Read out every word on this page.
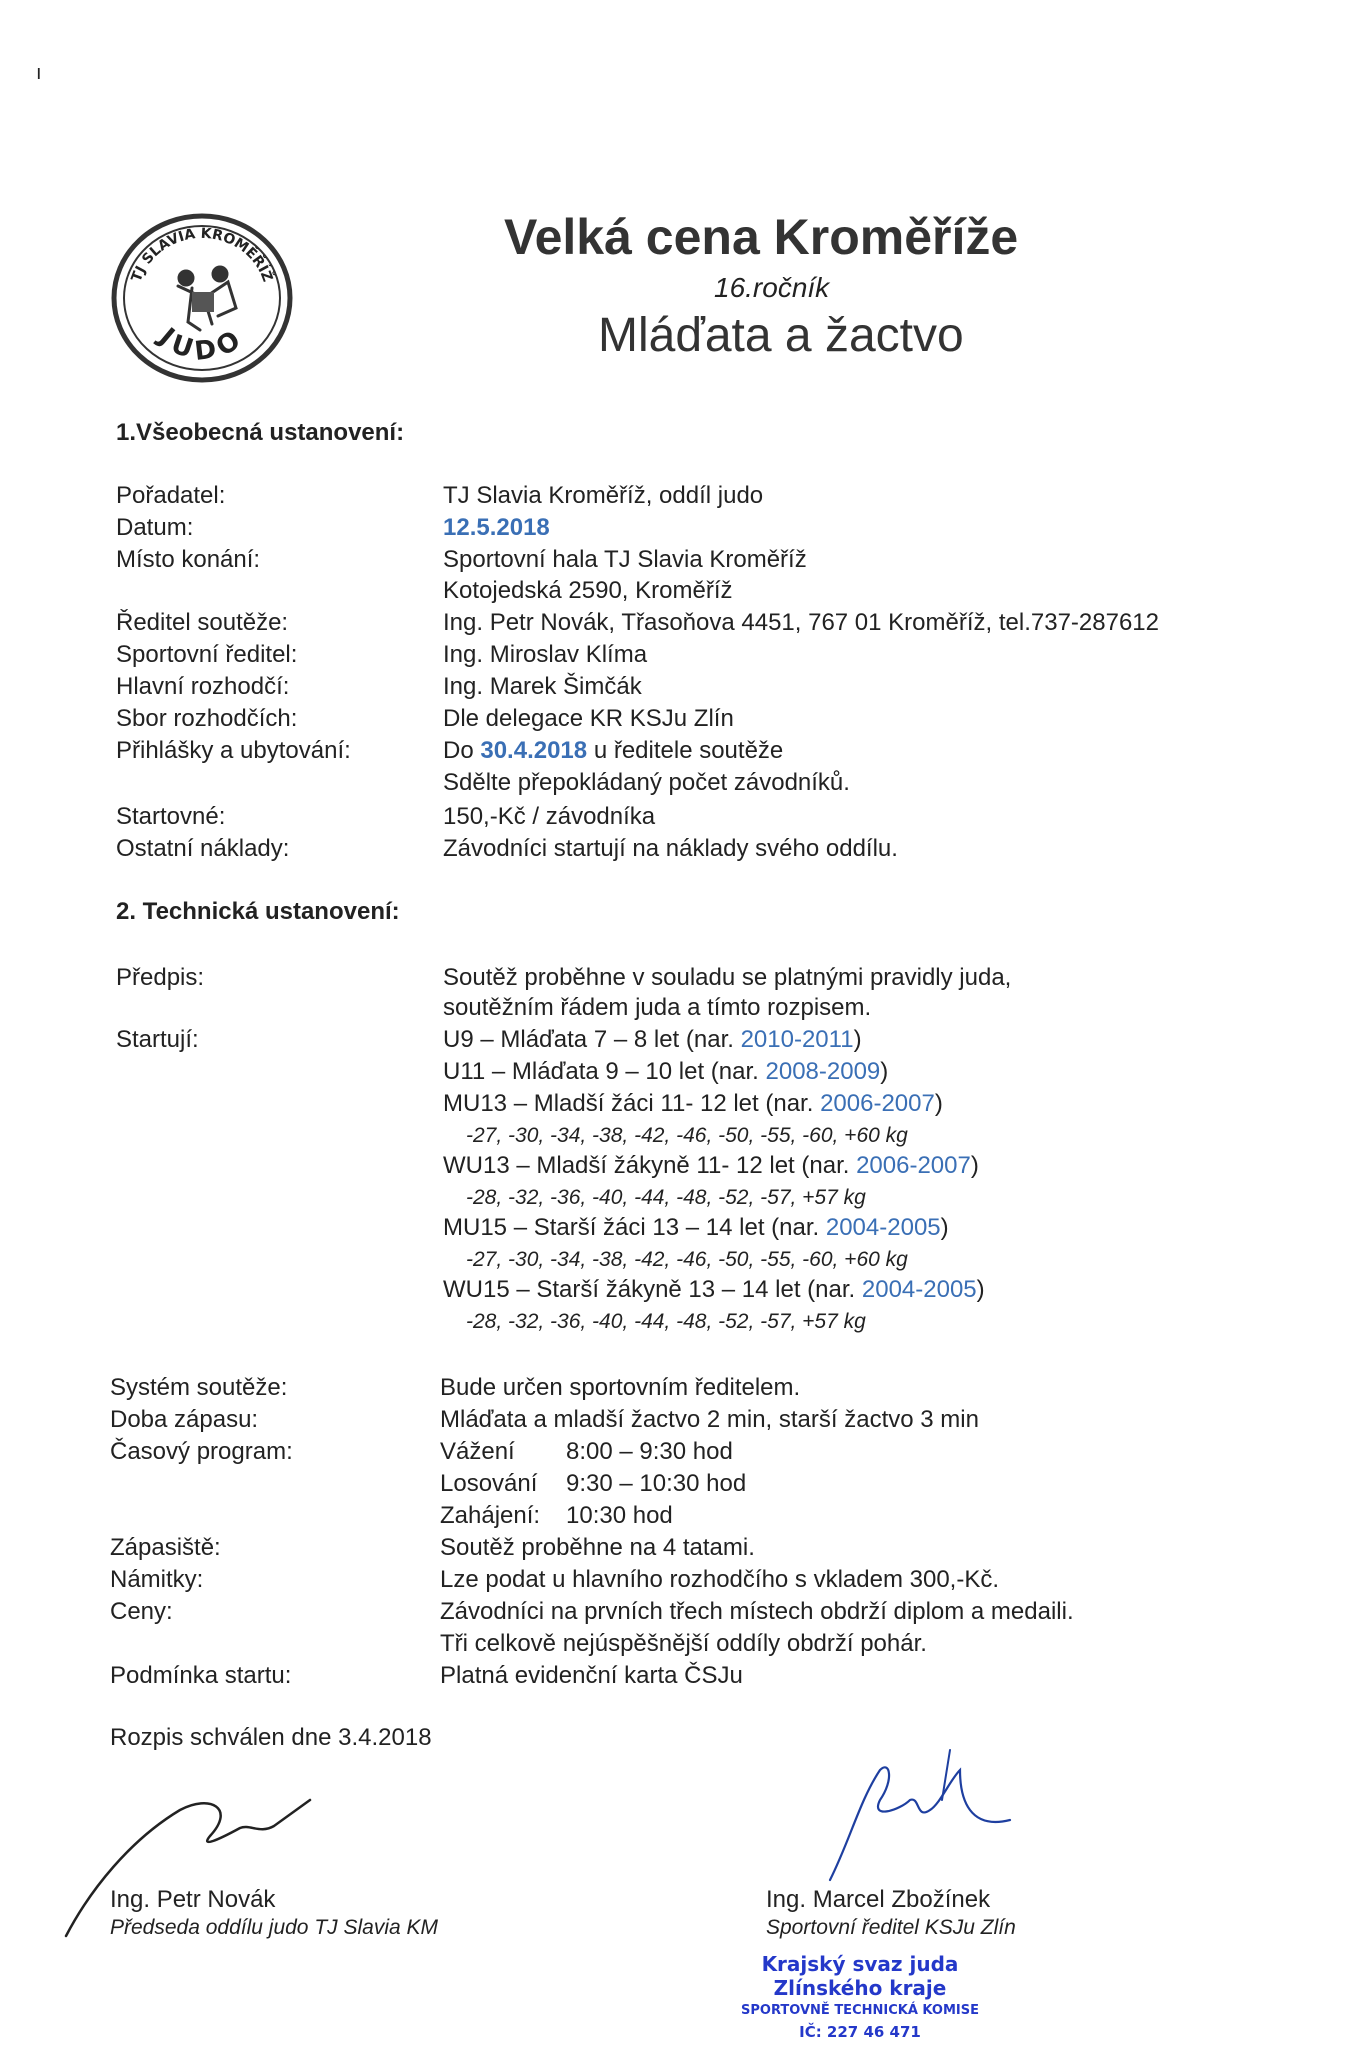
ı
TJ SLAVIA KROMĚŘÍŽ
JUDO
Velká cena Kroměříže
16.ročník
Mláďata a žactvo
1.Všeobecná ustanovení:
Pořadatel:	TJ Slavia Kroměříž, oddíl judo
Datum:	12.5.2018
Místo konání:	Sportovní hala TJ Slavia Kroměříž
Kotojedská 2590, Kroměříž
Ředitel soutěže:	Ing. Petr Novák, Třasoňova 4451, 767 01 Kroměříž, tel.737-287612
Sportovní ředitel:	Ing. Miroslav Klíma
Hlavní rozhodčí:	Ing. Marek Šimčák
Sbor rozhodčích:	Dle delegace KR KSJu Zlín
Přihlášky a ubytování:	Do 30.4.2018 u ředitele soutěže
Sdělte přepokládaný počet závodníků.
Startovné:	150,-Kč / závodníka
Ostatní náklady:	Závodníci startují na náklady svého oddílu.
2. Technická ustanovení:
Předpis:	Soutěž proběhne v souladu se platnými pravidly juda,
soutěžním řádem juda a tímto rozpisem.
Startují:	U9 – Mláďata 7 – 8 let (nar. 2010-2011)
U11 – Mláďata 9 – 10 let (nar. 2008-2009)
MU13 – Mladší žáci 11- 12 let (nar. 2006-2007)
-27, -30, -34, -38, -42, -46, -50, -55, -60, +60 kg
WU13 – Mladší žákyně 11- 12 let (nar. 2006-2007)
-28, -32, -36, -40, -44, -48, -52, -57, +57 kg
MU15 – Starší žáci 13 – 14 let (nar. 2004-2005)
-27, -30, -34, -38, -42, -46, -50, -55, -60, +60 kg
WU15 – Starší žákyně 13 – 14 let (nar. 2004-2005)
-28, -32, -36, -40, -44, -48, -52, -57, +57 kg
Systém soutěže:	Bude určen sportovním ředitelem.
Doba zápasu:	Mláďata a mladší žactvo 2 min, starší žactvo 3 min
Časový program:	Vážení 8:00 – 9:30 hod
Losování 9:30 – 10:30 hod
Zahájení: 10:30 hod
Zápasiště:	Soutěž proběhne na 4 tatami.
Námitky:	Lze podat u hlavního rozhodčího s vkladem 300,-Kč.
Ceny:	Závodníci na prvních třech místech obdrží diplom a medaili.
Tři celkově nejúspěšnější oddíly obdrží pohár.
Podmínka startu:	Platná evidenční karta ČSJu
Rozpis schválen dne 3.4.2018
Ing. Petr Novák
Předseda oddílu judo TJ Slavia KM
Ing. Marcel Zbožínek
Sportovní ředitel KSJu Zlín
Krajský svaz juda
Zlínského kraje
SPORTOVNĚ TECHNICKÁ KOMISE
IČ: 227 46 471
